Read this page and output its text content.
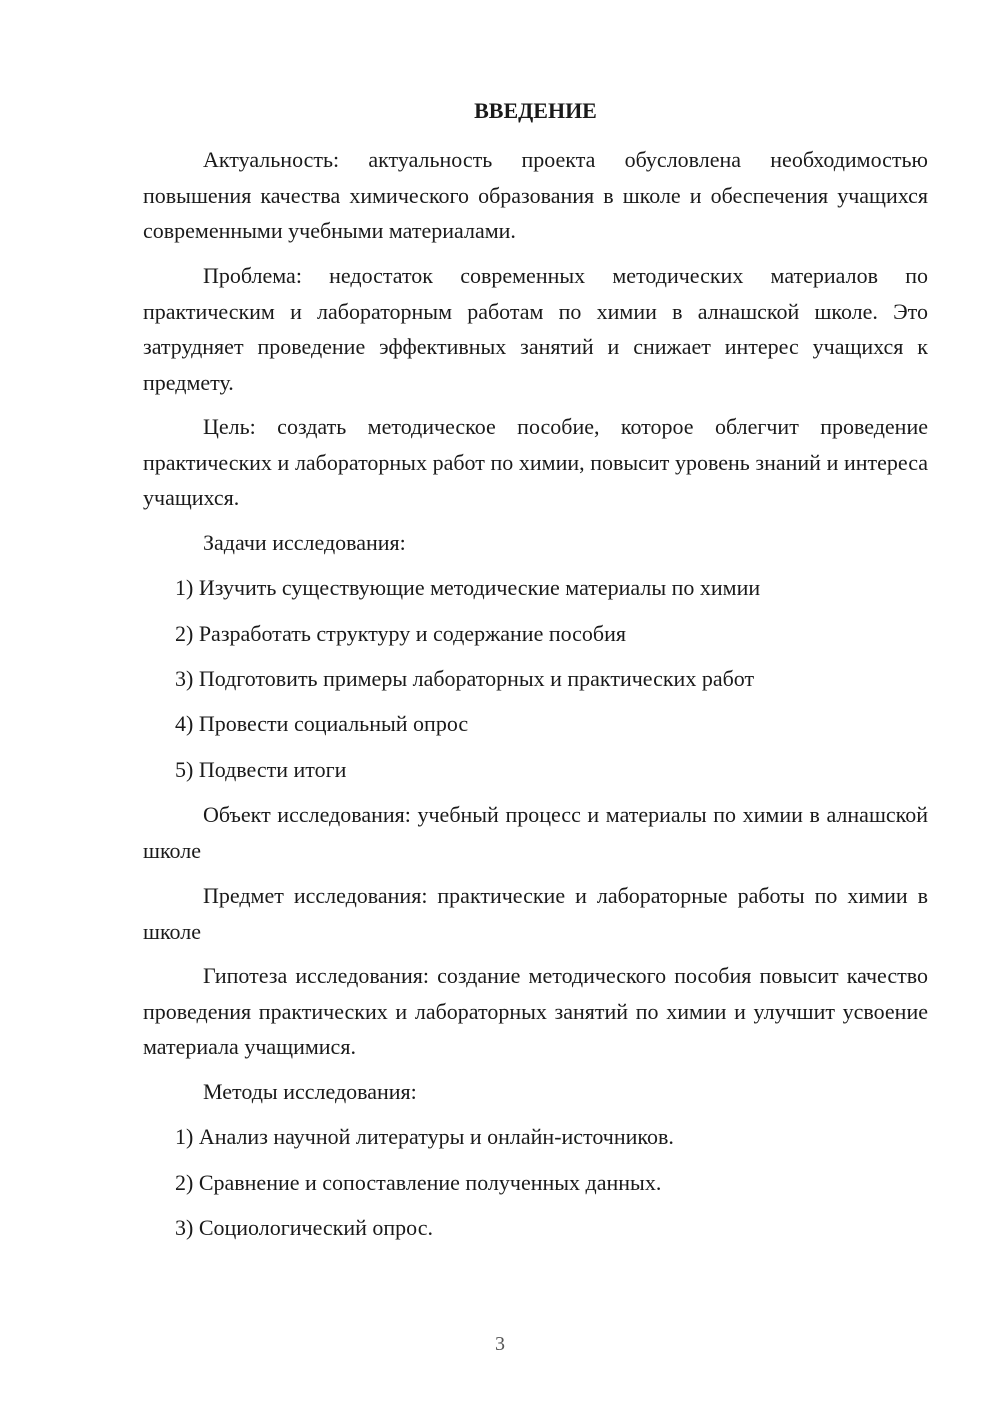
ВВЕДЕНИЕ

Актуальность: актуальность проекта обусловлена необходимостью повышения качества химического образования в школе и обеспечения учащихся современными учебными материалами.

Проблема: недостаток современных методических материалов по практическим и лабораторным работам по химии в алнашской школе. Это затрудняет проведение эффективных занятий и снижает интерес учащихся к предмету.

Цель: создать методическое пособие, которое облегчит проведение практических и лабораторных работ по химии, повысит уровень знаний и интереса учащихся.

Задачи исследования:

1) Изучить существующие методические материалы по химии

2) Разработать структуру и содержание пособия

3) Подготовить примеры лабораторных и практических работ

4) Провести социальный опрос

5) Подвести итоги

Объект исследования: учебный процесс и материалы по химии в алнашской школе

Предмет исследования: практические и лабораторные работы по химии в школе

Гипотеза исследования: создание методического пособия повысит качество проведения практических и лабораторных занятий по химии и улучшит усвоение материала учащимися.

Методы исследования:

1) Анализ научной литературы и онлайн-источников.

2) Сравнение и сопоставление полученных данных.

3) Социологический опрос.

3
